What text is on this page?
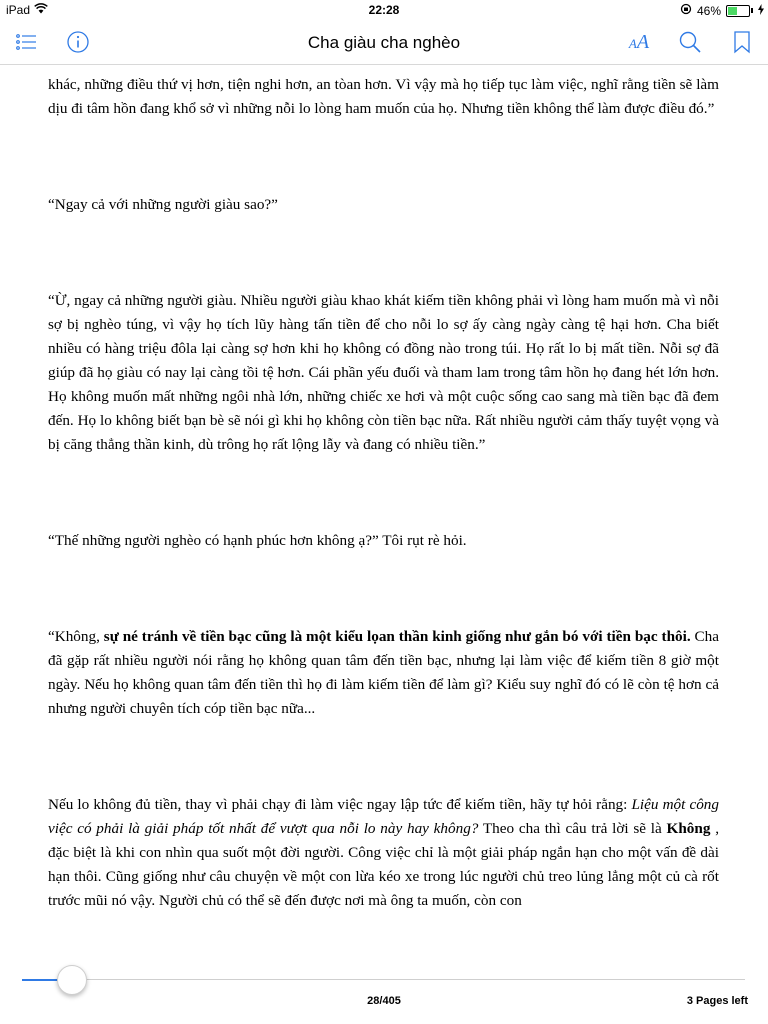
iPad	22:28	46%
Cha giàu cha nghèo	AA

khác, những điều thứ vị hơn, tiện nghi hơn, an tòan hơn. Vì vậy mà họ tiếp tục làm việc, nghĩ rằng tiền sẽ làm dịu đi tâm hồn đang khổ sở vì những nỗi lo lòng ham muốn của họ. Nhưng tiền không thể làm được điều đó.”

“Ngay cả với những người giàu sao?”

“Ừ, ngay cả những người giàu. Nhiều người giàu khao khát kiếm tiền không phải vì lòng ham muốn mà vì nỗi sợ bị nghèo túng, vì vậy họ tích lũy hàng tấn tiền để cho nỗi lo sợ ấy càng ngày càng tệ hại hơn. Cha biết nhiều có hàng triệu đôla lại càng sợ hơn khi họ không có đồng nào trong túi. Họ rất lo bị mất tiền. Nỗi sợ đã giúp đã họ giàu có nay lại càng tồi tệ hơn. Cái phần yếu đuối và tham lam trong tâm hồn họ đang hét lớn hơn. Họ không muốn mất những ngôi nhà lớn, những chiếc xe hơi và một cuộc sống cao sang mà tiền bạc đã đem đến. Họ lo không biết bạn bè sẽ nói gì khi họ không còn tiền bạc nữa. Rất nhiều người cảm thấy tuyệt vọng và bị căng thẳng thần kinh, dù trông họ rất lộng lẫy và đang có nhiều tiền.”

“Thế những người nghèo có hạnh phúc hơn không ạ?” Tôi rụt rè hỏi.

“Không, sự né tránh về tiền bạc cũng là một kiểu lọan thần kinh giống như gắn bó với tiền bạc thôi. Cha đã gặp rất nhiều người nói rằng họ không quan tâm đến tiền bạc, nhưng lại làm việc để kiếm tiền 8 giờ một ngày. Nếu họ không quan tâm đến tiền thì họ đi làm kiếm tiền để làm gì? Kiểu suy nghĩ đó có lẽ còn tệ hơn cả nhưng người chuyên tích cóp tiền bạc nữa...

Nếu lo không đủ tiền, thay vì phải chạy đi làm việc ngay lập tức để kiếm tiền, hãy tự hỏi rằng: Liệu một công việc có phải là giải pháp tốt nhất để vượt qua nỗi lo này hay không? Theo cha thì câu trả lời sẽ là Không , đặc biệt là khi con nhìn qua suốt một đời người. Công việc chỉ là một giải pháp ngắn hạn cho một vấn đề dài hạn thôi. Cũng giống như câu chuyện về một con lừa kéo xe trong lúc người chủ treo lủng lẳng một củ cà rốt trước mũi nó vậy. Người chủ có thể sẽ đến được nơi mà ông ta muốn, còn con

28/405	3 Pages left
